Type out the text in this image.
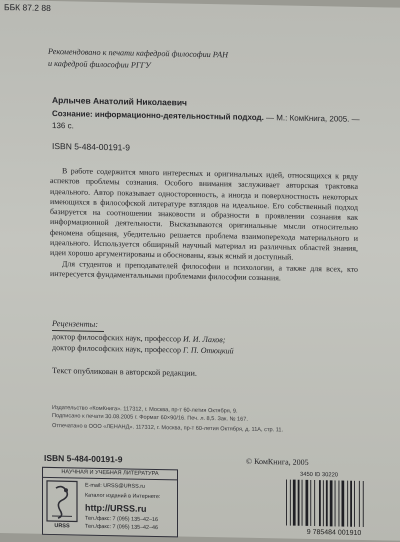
ББК 87.2 88
Рекомендовано к печати кафедрой философии РАН
и кафедрой философии РГГУ
Арлычев Анатолий Николаевич
Сознание: информационно-деятельностный подход. — М.: КомКнига, 2005. —
136 с.
ISBN 5-484-00191-9

В работе содержится много интересных и оригинальных идей, относящихся к ряду аспектов проблемы сознания. Особого внимания заслуживает авторская трактовка идеального. Автор показывает односторонность, а иногда и поверхностность некоторых имеющихся в философской литературе взглядов на идеальное. Его собственный подход базируется на соотношении знаковости и образности в проявлении сознания как информационной деятельности. Высказываются оригинальные мысли относительно феномена общения, убедительно решается проблема взаимоперехода материального и идеального. Используется обширный научный материал из различных областей знания, идеи хорошо аргументированы и обоснованы, язык ясный и доступный.

Для студентов и преподавателей философии и психологии, а также для всех, кто интересуется фундаментальными проблемами философии сознания.

Рецензенты:
доктор философских наук, профессор И. И. Лахов;
доктор философских наук, профессор Г. П. Отюцкий
Текст опубликован в авторской редакции.
Издательство «КомКнига». 117312, г. Москва, пр-т 60-летия Октября, 9.
Подписано к печати 30.08.2005 г. Формат 60×90/16. Печ. л. 8,5. Зак. № 167.
Отпечатано в ООО «ЛЕНАНД». 117312, г. Москва, пр-т 60-летия Октября, д. 11А, стр. 11.
ISBN 5-484-00191-9	© КомКнига, 2005
НАУЧНАЯ И УЧЕБНАЯ ЛИТЕРАТУРА
URSS
E-mail: URSS@URSS.ru
Каталог изданий в Интернете:
http://URSS.ru
Тел./факс: 7 (095) 135–42–16
Тел./факс: 7 (095) 135–42–46
3450 ID 30220
9 785484 001910
